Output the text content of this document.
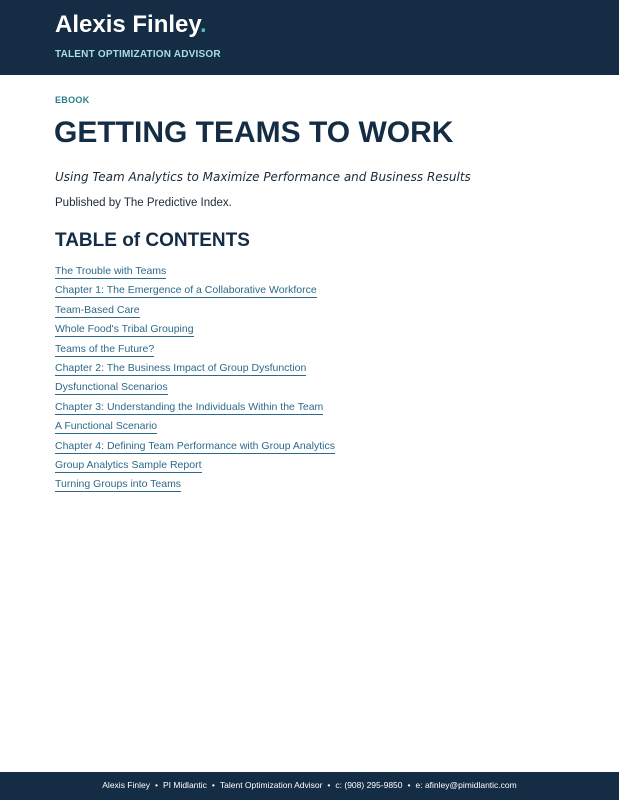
Alexis Finley.
TALENT OPTIMIZATION ADVISOR
EBOOK
GETTING TEAMS TO WORK
Using Team Analytics to Maximize Performance and Business Results
Published by The Predictive Index.
TABLE of CONTENTS
The Trouble with Teams
Chapter 1: The Emergence of a Collaborative Workforce
Team-Based Care
Whole Food's Tribal Grouping
Teams of the Future?
Chapter 2: The Business Impact of Group Dysfunction
Dysfunctional Scenarios
Chapter 3: Understanding the Individuals Within the Team
A Functional Scenario
Chapter 4: Defining Team Performance with Group Analytics
Group Analytics Sample Report
Turning Groups into Teams
Alexis Finley • PI Midlantic • Talent Optimization Advisor • c: (908) 295-9850 • e: afinley@pimidlantic.com
